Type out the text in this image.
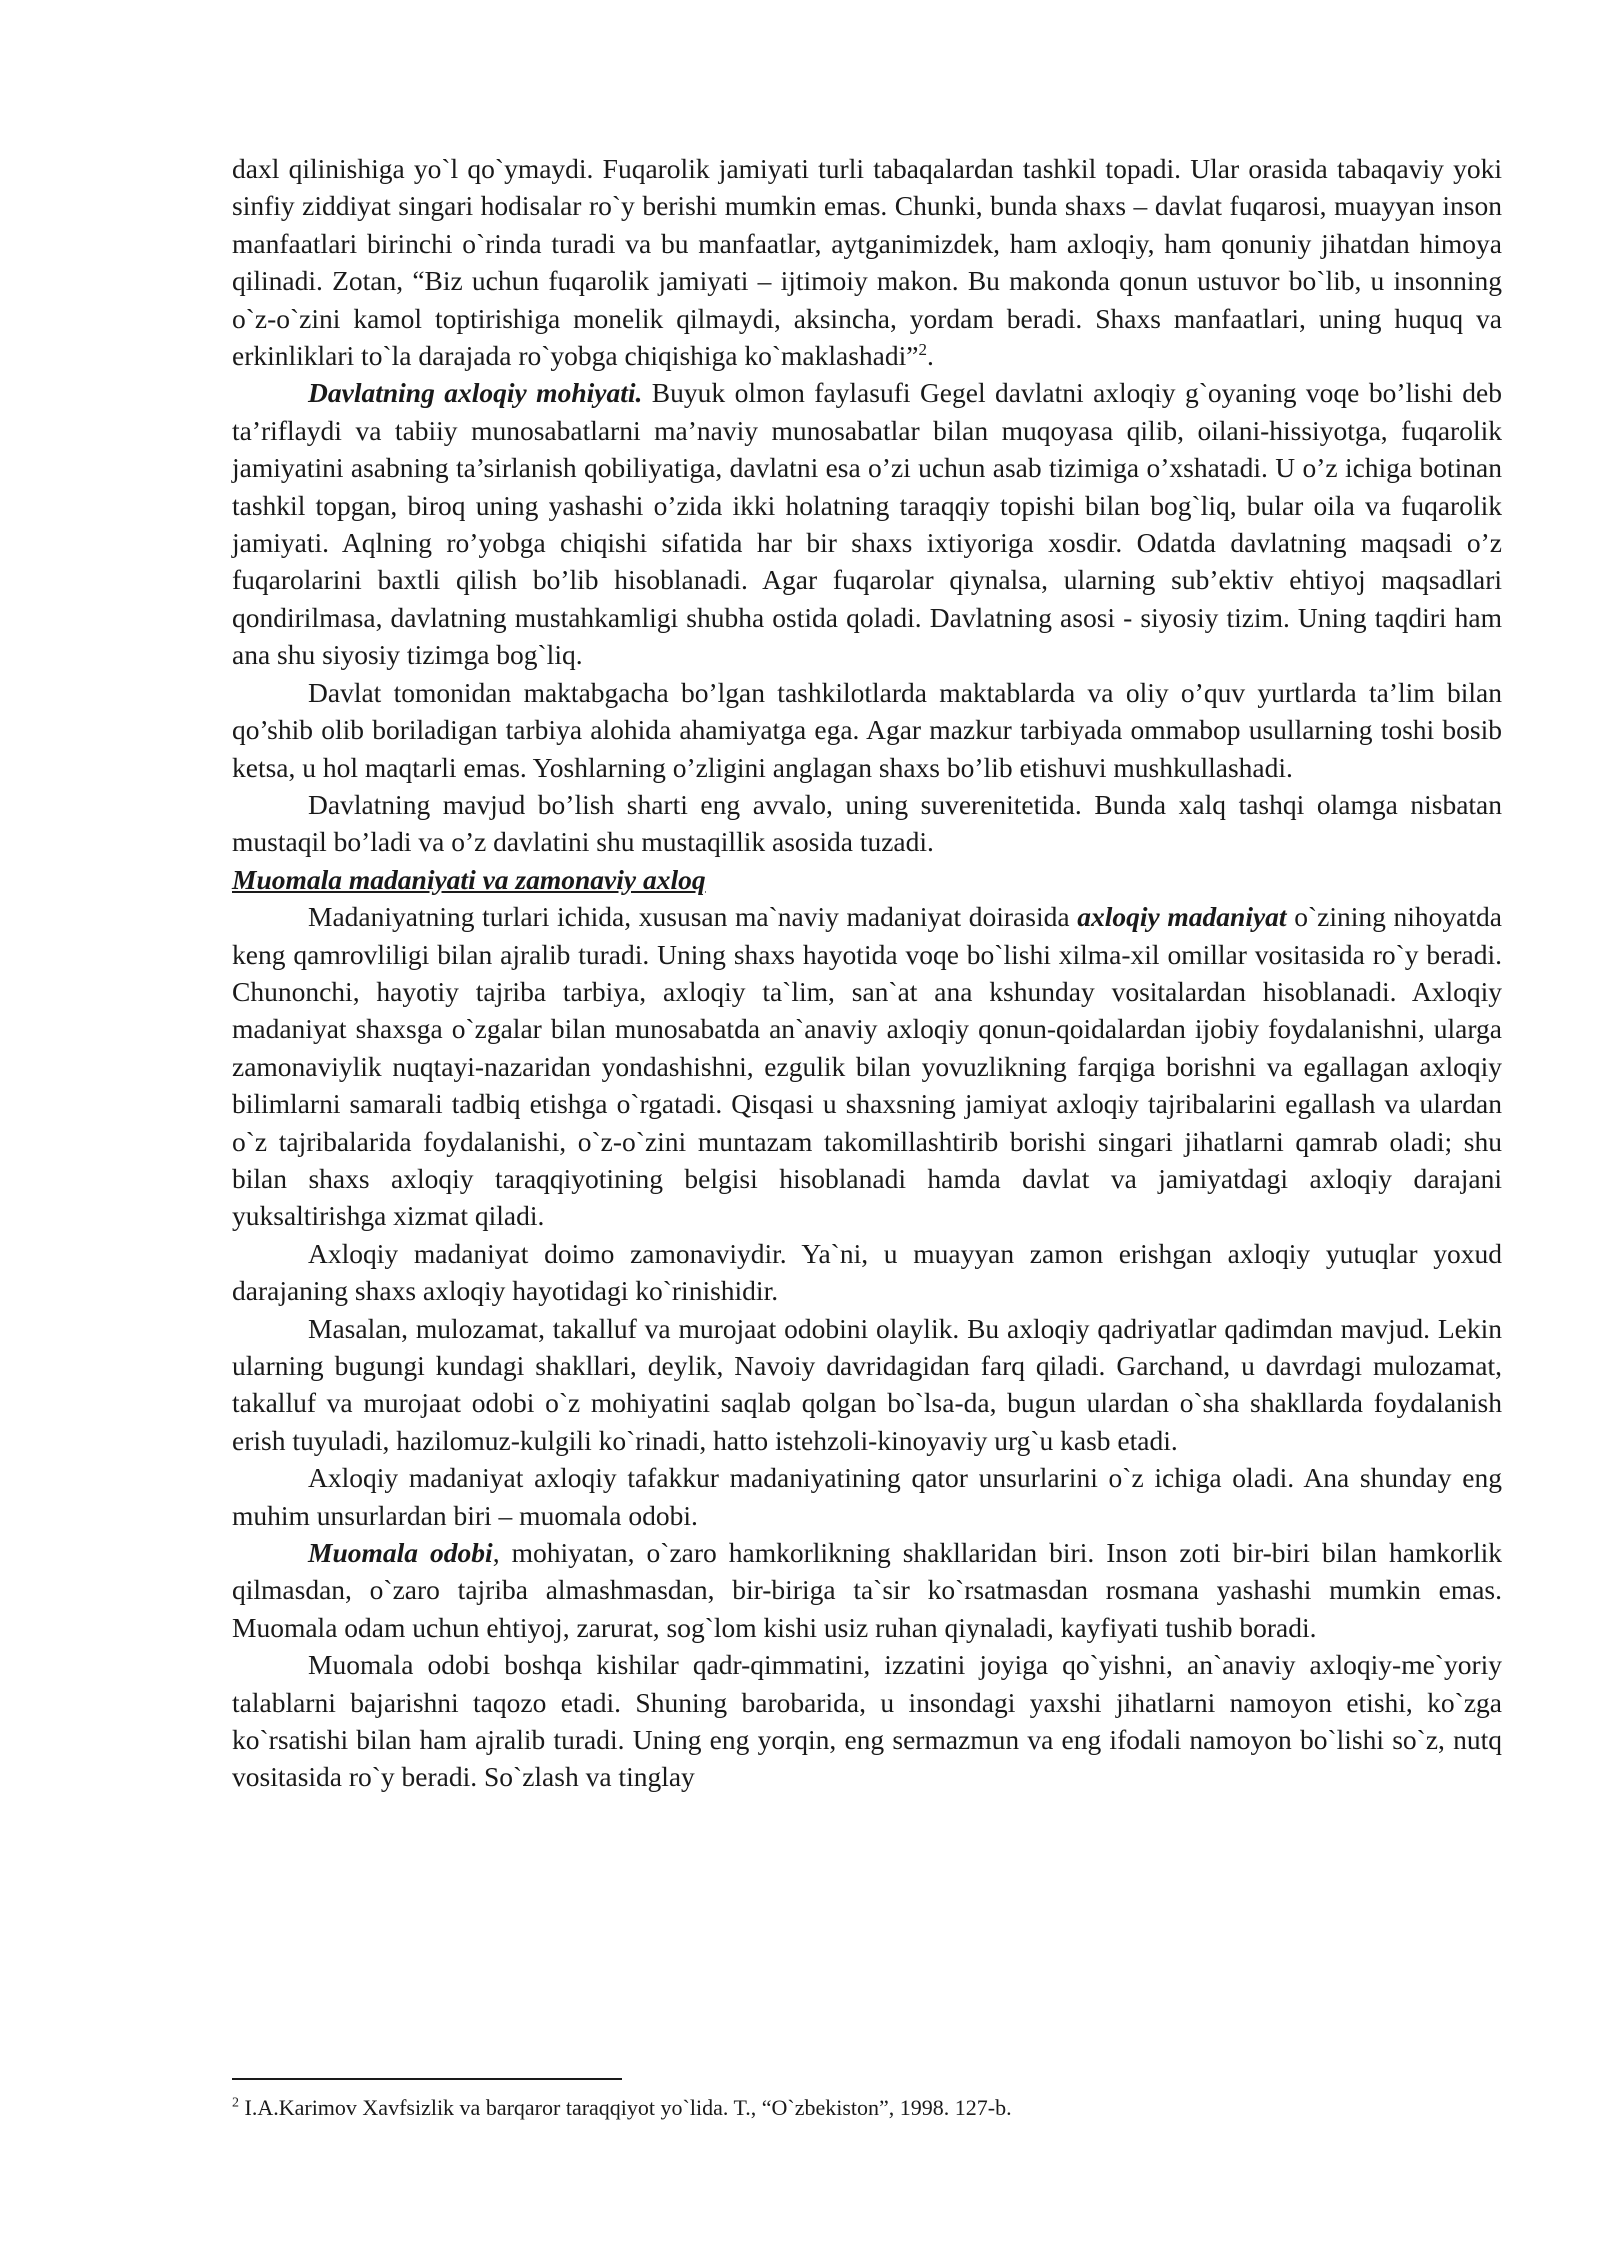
daxl qilinishiga yo`l qo`ymaydi. Fuqarolik jamiyati turli tabaqalardan tashkil topadi. Ular orasida tabaqaviy yoki sinfiy ziddiyat singari hodisalar ro`y berishi mumkin emas. Chunki, bunda shaxs – davlat fuqarosi, muayyan inson manfaatlari birinchi o`rinda turadi va bu manfaatlar, aytganimizdek, ham axloqiy, ham qonuniy jihatdan himoya qilinadi. Zotan, “Biz uchun fuqarolik jamiyati – ijtimoiy makon. Bu makonda qonun ustuvor bo`lib, u insonning o`z-o`zini kamol toptirishiga monelik qilmaydi, aksincha, yordam beradi. Shaxs manfaatlari, uning huquq va erkinliklari to`la darajada ro`yobga chiqishiga ko`maklashadi”$^2$.

Davlatning axloqiy mohiyati. Buyuk olmon faylasufi Gegel davlatni axloqiy g`oyaning voqe bo’lishi deb ta’riflaydi va tabiiy munosabatlarni ma’naviy munosabatlar bilan muqoyasa qilib, oilani-hissiyotga, fuqarolik jamiyatini asabning ta’sirlanish qobiliyatiga, davlatni esa o’zi uchun asab tizimiga o’xshatadi. U o’z ichiga botinan tashkil topgan, biroq uning yashashi o’zida ikki holatning taraqqiy topishi bilan bog`liq, bular oila va fuqarolik jamiyati. Aqlning ro’yobga chiqishi sifatida har bir shaxs ixtiyoriga xosdir. Odatda davlatning maqsadi o’z fuqarolarini baxtli qilish bo’lib hisoblanadi. Agar fuqarolar qiynalsa, ularning sub’ektiv ehtiyoj maqsadlari qondirilmasa, davlatning mustahkamligi shubha ostida qoladi. Davlatning asosi - siyosiy tizim. Uning taqdiri ham ana shu siyosiy tizimga bog`liq.

Davlat tomonidan maktabgacha bo’lgan tashkilotlarda maktablarda va oliy o’quv yurtlarda ta’lim bilan qo’shib olib boriladigan tarbiya alohida ahamiyatga ega. Agar mazkur tarbiyada ommabop usullarning toshi bosib ketsa, u hol maqtarli emas. Yoshlarning o’zligini anglagan shaxs bo’lib etishuvi mushkullashadi.

Davlatning mavjud bo’lish sharti eng avvalo, uning suverenitetida. Bunda xalq tashqi olamga nisbatan mustaqil bo’ladi va o’z davlatini shu mustaqillik asosida tuzadi.

Muomala madaniyati va zamonaviy axloq

Madaniyatning turlari ichida, xususan ma`naviy madaniyat doirasida axloqiy madaniyat o`zining nihoyatda keng qamrovliligi bilan ajralib turadi. Uning shaxs hayotida voqe bo`lishi xilma-xil omillar vositasida ro`y beradi. Chunonchi, hayotiy tajriba tarbiya, axloqiy ta`lim, san`at ana kshunday vositalardan hisoblanadi. Axloqiy madaniyat shaxsga o`zgalar bilan munosabatda an`anaviy axloqiy qonun-qoidalardan ijobiy foydalanishni, ularga zamonaviylik nuqtayi-nazaridan yondashishni, ezgulik bilan yovuzlikning farqiga borishni va egallagan axloqiy bilimlarni samarali tadbiq etishga o`rgatadi. Qisqasi u shaxsning jamiyat axloqiy tajribalarini egallash va ulardan o`z tajribalarida foydalanishi, o`z-o`zini muntazam takomillashtirib borishi singari jihatlarni qamrab oladi; shu bilan shaxs axloqiy taraqqiyotining belgisi hisoblanadi hamda davlat va jamiyatdagi axloqiy darajani yuksaltirishga xizmat qiladi.

Axloqiy madaniyat doimo zamonaviydir. Ya`ni, u muayyan zamon erishgan axloqiy yutuqlar yoxud darajaning shaxs axloqiy hayotidagi ko`rinishidir.

Masalan, mulozamat, takalluf va murojaat odobini olaylik. Bu axloqiy qadriyatlar qadimdan mavjud. Lekin ularning bugungi kundagi shakllari, deylik, Navoiy davridagidan farq qiladi. Garchand, u davrdagi mulozamat, takalluf va murojaat odobi o`z mohiyatini saqlab qolgan bo`lsa-da, bugun ulardan o`sha shakllarda foydalanish erish tuyuladi, hazilomuz-kulgili ko`rinadi, hatto istehzoli-kinoyaviy urg`u kasb etadi.

Axloqiy madaniyat axloqiy tafakkur madaniyatining qator unsurlarini o`z ichiga oladi. Ana shunday eng muhim unsurlardan biri – muomala odobi.

Muomala odobi, mohiyatan, o`zaro hamkorlikning shakllaridan biri. Inson zoti bir-biri bilan hamkorlik qilmasdan, o`zaro tajriba almashmasdan, bir-biriga ta`sir ko`rsatmasdan rosmana yashashi mumkin emas. Muomala odam uchun ehtiyoj, zarurat, sog`lom kishi usiz ruhan qiynaladi, kayfiyati tushib boradi.

Muomala odobi boshqa kishilar qadr-qimmatini, izzatini joyiga qo`yishni, an`anaviy axloqiy-me`yoriy talablarni bajarishni taqozo etadi. Shuning barobarida, u insondagi yaxshi jihatlarni namoyon etishi, ko`zga ko`rsatishi bilan ham ajralib turadi. Uning eng yorqin, eng sermazmun va eng ifodali namoyon bo`lishi so`z, nutq vositasida ro`y beradi. So`zlash va tinglay

$^2$ I.A.Karimov Xavfsizlik va barqaror taraqqiyot yo`lida. T., “O`zbekiston”, 1998. 127-b.
